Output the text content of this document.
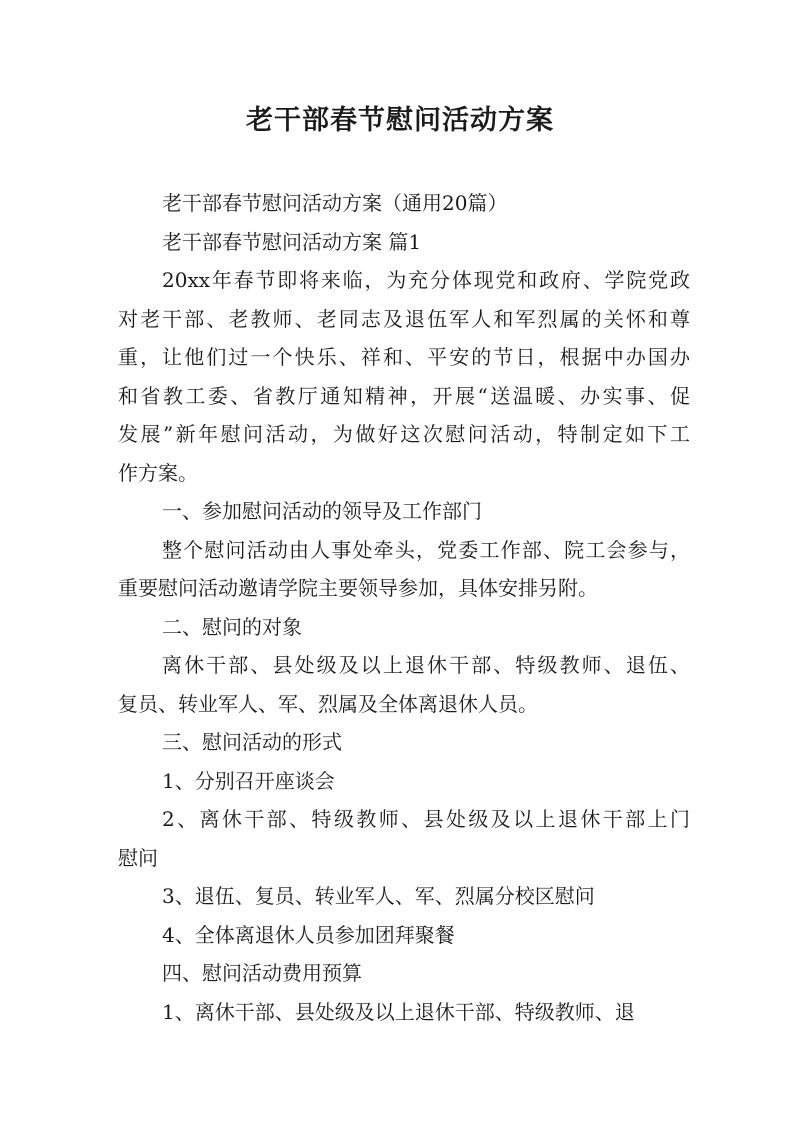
老干部春节慰问活动方案

老干部春节慰问活动方案（通用20篇）

老干部春节慰问活动方案 篇1

20xx年春节即将来临，为充分体现党和政府、学院党政
对老干部、老教师、老同志及退伍军人和军烈属的关怀和尊
重，让他们过一个快乐、祥和、平安的节日，根据中办国办
和省教工委、省教厅通知精神，开展“送温暖、办实事、促
发展”新年慰问活动，为做好这次慰问活动，特制定如下工
作方案。

一、参加慰问活动的领导及工作部门

整个慰问活动由人事处牵头，党委工作部、院工会参与，
重要慰问活动邀请学院主要领导参加，具体安排另附。

二、慰问的对象

离休干部、县处级及以上退休干部、特级教师、退伍、
复员、转业军人、军、烈属及全体离退休人员。

三、慰问活动的形式

1、分别召开座谈会

2、离休干部、特级教师、县处级及以上退休干部上门
慰问

3、退伍、复员、转业军人、军、烈属分校区慰问

4、全体离退休人员参加团拜聚餐

四、慰问活动费用预算

1、离休干部、县处级及以上退休干部、特级教师、退
